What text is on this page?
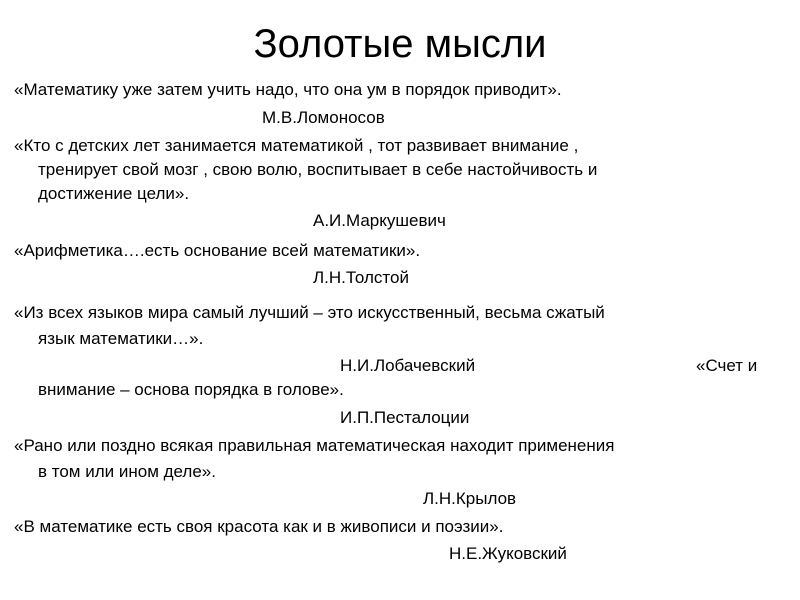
Золотые мысли

«Математику уже затем учить надо, что она ум в порядок приводит».

М.В.Ломоносов

«Кто с детских лет занимается математикой , тот развивает внимание ,

тренирует свой мозг , свою волю, воспитывает в себе настойчивость и

достижение цели».

А.И.Маркушевич

«Арифметика….есть основание всей математики».

Л.Н.Толстой

«Из всех языков мира самый лучший – это искусственный, весьма сжатый

язык математики…».

Н.И.Лобачевский	«Счет и

внимание – основа порядка в голове».

И.П.Песталоции

«Рано или поздно всякая правильная математическая находит применения

в том или ином деле».

Л.Н.Крылов

«В математике есть своя красота как и в живописи и поэзии».

Н.Е.Жуковский
